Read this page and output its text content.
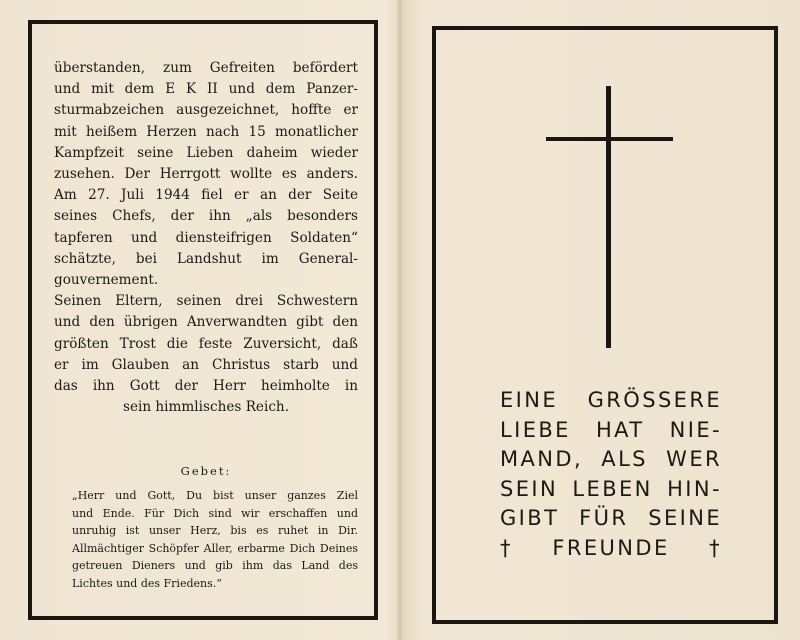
überstanden, zum Gefreiten befördert

und mit dem E K II und dem Panzer-

sturmabzeichen ausgezeichnet, hoffte er

mit heißem Herzen nach 15 monatlicher

Kampfzeit seine Lieben daheim wieder

zusehen. Der Herrgott wollte es anders.

Am 27. Juli 1944 fiel er an der Seite

seines Chefs, der ihn „als besonders

tapferen und diensteifrigen Soldaten“

schätzte, bei Landshut im General-

gouvernement.

Seinen Eltern, seinen drei Schwestern

und den übrigen Anverwandten gibt den

größten Trost die feste Zuversicht, daß

er im Glauben an Christus starb und

das ihn Gott der Herr heimholte in

sein himmlisches Reich.

Gebet:

„Herr und Gott, Du bist unser ganzes Ziel

und Ende. Für Dich sind wir erschaffen und

unruhig ist unser Herz, bis es ruhet in Dir.

Allmächtiger Schöpfer Aller, erbarme Dich Deines

getreuen Dieners und gib ihm das Land des

Lichtes und des Friedens.“

EINE GRÖSSERE

LIEBE HAT NIE-

MAND, ALS WER

SEIN LEBEN HIN-

GIBT FÜR SEINE

† FREUNDE †
